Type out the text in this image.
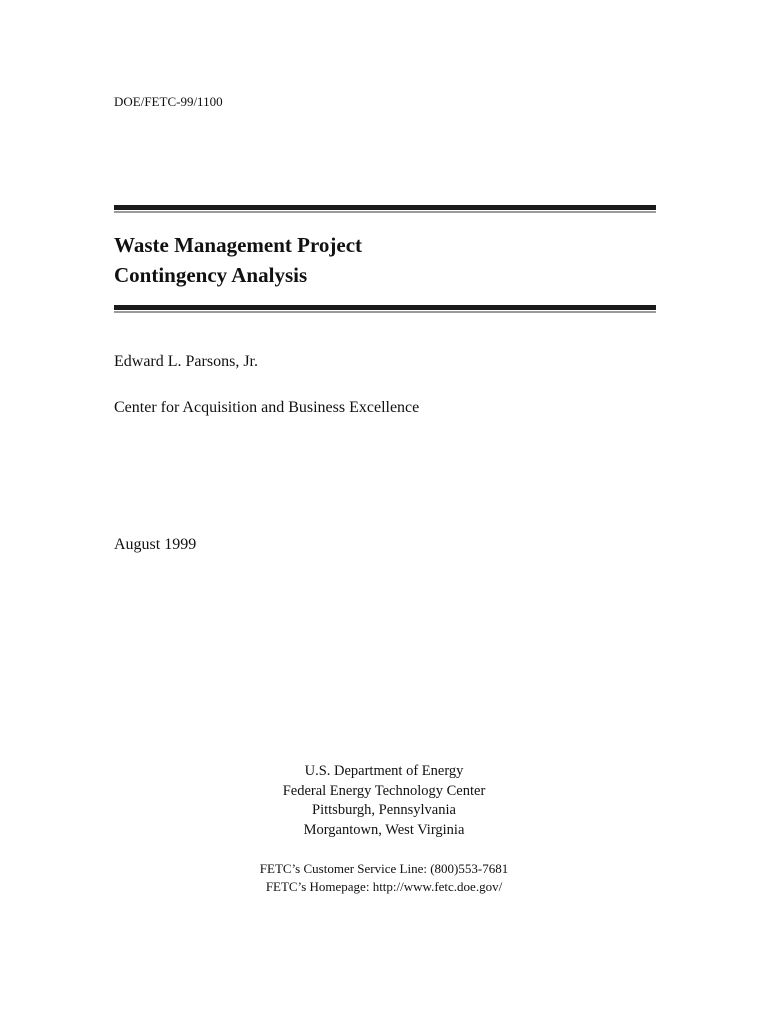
DOE/FETC-99/1100
Waste Management Project
Contingency Analysis
Edward L. Parsons, Jr.
Center for Acquisition and Business Excellence
August 1999
U.S. Department of Energy
Federal Energy Technology Center
Pittsburgh, Pennsylvania
Morgantown, West Virginia
FETC’s Customer Service Line: (800)553-7681
FETC’s Homepage: http://www.fetc.doe.gov/
